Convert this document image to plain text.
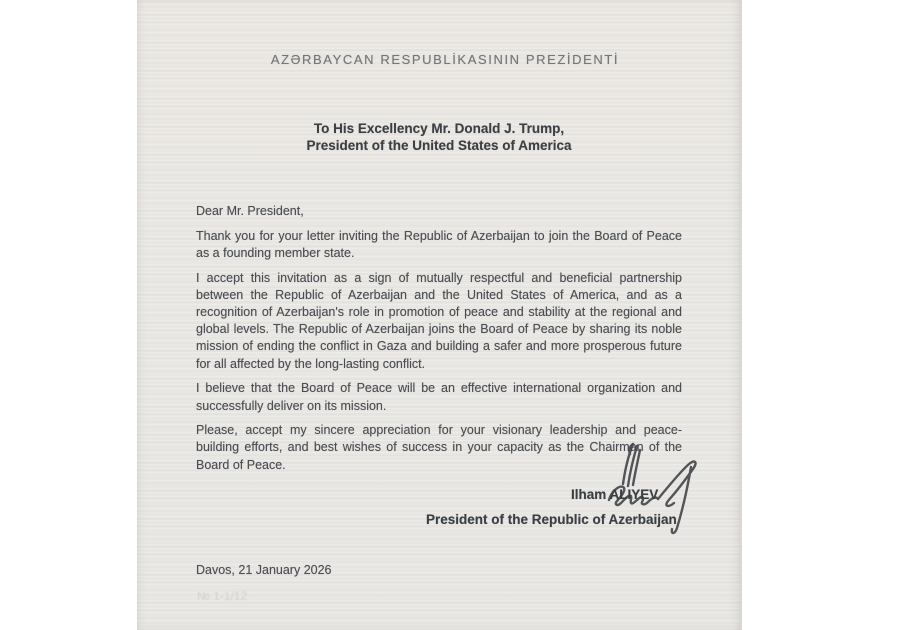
AZƏRBAYCAN RESPUBLİKASININ PREZİDENTİ
To His Excellency Mr. Donald J. Trump,
President of the United States of America

Dear Mr. President,

Thank you for your letter inviting the Republic of Azerbaijan to join the Board of Peace as a founding member state.

I accept this invitation as a sign of mutually respectful and beneficial partnership between the Republic of Azerbaijan and the United States of America, and as a recognition of Azerbaijan's role in promotion of peace and stability at the regional and global levels. The Republic of Azerbaijan joins the Board of Peace by sharing its noble mission of ending the conflict in Gaza and building a safer and more prosperous future for all affected by the long-lasting conflict.

I believe that the Board of Peace will be an effective international organization and successfully deliver on its mission.

Please, accept my sincere appreciation for your visionary leadership and peace-building efforts, and best wishes of success in your capacity as the Chairman of the Board of Peace.

Ilham ALIYEV
President of the Republic of Azerbaijan
Davos, 21 January 2026
№ 1-1/12
